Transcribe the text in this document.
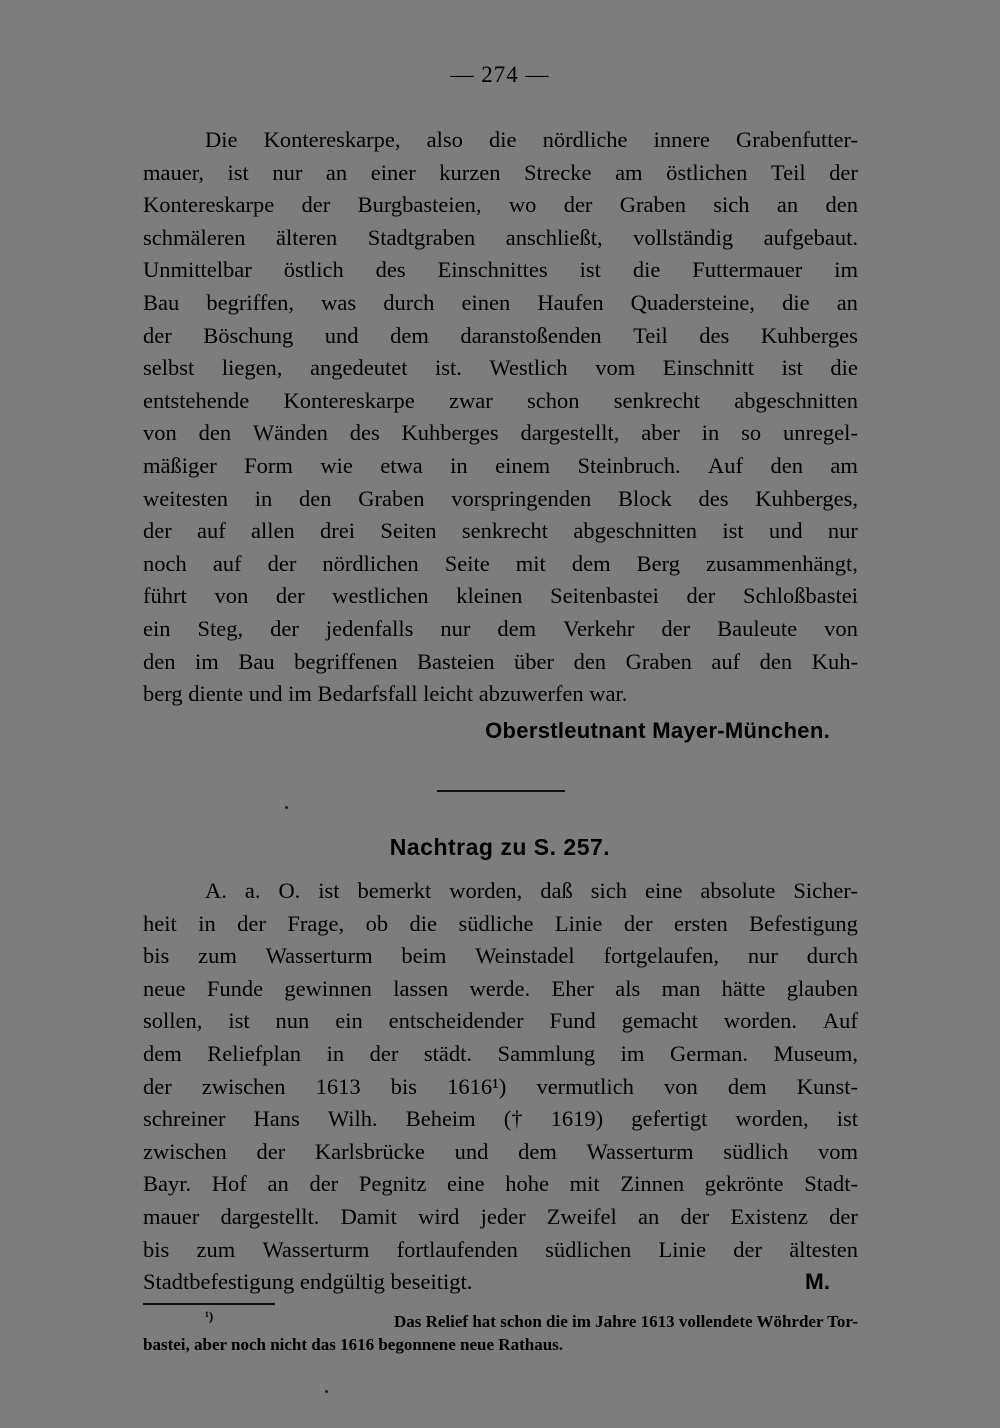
— 274 —
Die Kontereskarpe, also die nördliche innere Grabenfutter-
mauer, ist nur an einer kurzen Strecke am östlichen Teil der
Kontereskarpe der Burgbasteien, wo der Graben sich an den
schmäleren älteren Stadtgraben anschließt, vollständig aufgebaut.
Unmittelbar östlich des Einschnittes ist die Futtermauer im
Bau begriffen, was durch einen Haufen Quadersteine, die an
der Böschung und dem daranstoßenden Teil des Kuhberges
selbst liegen, angedeutet ist. Westlich vom Einschnitt ist die
entstehende Kontereskarpe zwar schon senkrecht abgeschnitten
von den Wänden des Kuhberges dargestellt, aber in so unregel-
mäßiger Form wie etwa in einem Steinbruch. Auf den am
weitesten in den Graben vorspringenden Block des Kuhberges,
der auf allen drei Seiten senkrecht abgeschnitten ist und nur
noch auf der nördlichen Seite mit dem Berg zusammenhängt,
führt von der westlichen kleinen Seitenbastei der Schloßbastei
ein Steg, der jedenfalls nur dem Verkehr der Bauleute von
den im Bau begriffenen Basteien über den Graben auf den Kuh-
berg diente und im Bedarfsfall leicht abzuwerfen war.
Oberstleutnant Mayer-München.
Nachtrag zu S. 257.
A. a. O. ist bemerkt worden, daß sich eine absolute Sicher-
heit in der Frage, ob die südliche Linie der ersten Befestigung
bis zum Wasserturm beim Weinstadel fortgelaufen, nur durch
neue Funde gewinnen lassen werde. Eher als man hätte glauben
sollen, ist nun ein entscheidender Fund gemacht worden. Auf
dem Reliefplan in der städt. Sammlung im German. Museum,
der zwischen 1613 bis 1616¹) vermutlich von dem Kunst-
schreiner Hans Wilh. Beheim († 1619) gefertigt worden, ist
zwischen der Karlsbrücke und dem Wasserturm südlich vom
Bayr. Hof an der Pegnitz eine hohe mit Zinnen gekrönte Stadt-
mauer dargestellt. Damit wird jeder Zweifel an der Existenz der
bis zum Wasserturm fortlaufenden südlichen Linie der ältesten
Stadtbefestigung endgültig beseitigt.	M.
$^{^1)}$	Das Relief hat schon die im Jahre 1613 vollendete Wöhrder Tor-
bastei, aber noch nicht das 1616 begonnene neue Rathaus.
